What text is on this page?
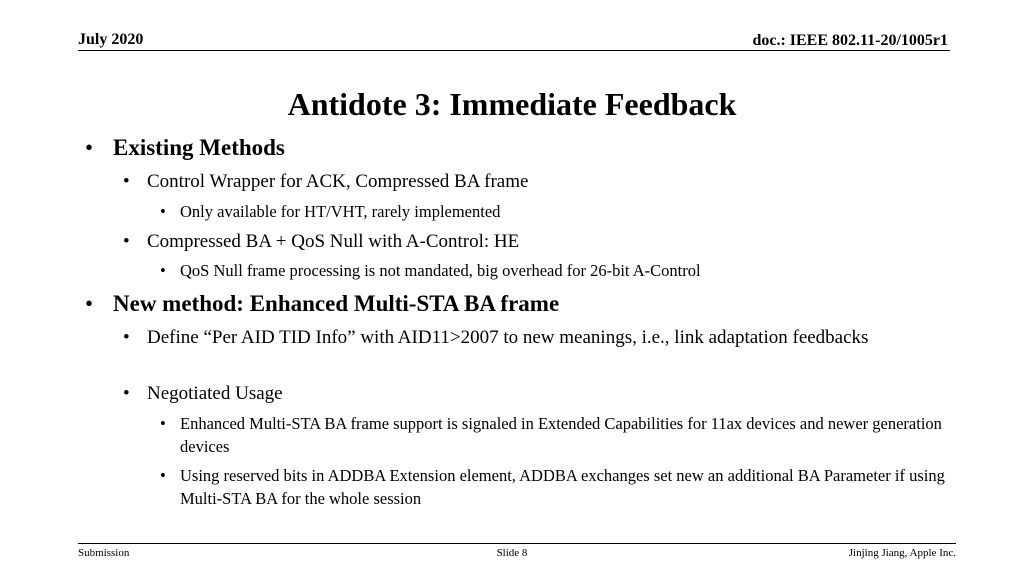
July 2020	doc.: IEEE 802.11-20/1005r1
Antidote 3: Immediate Feedback
• Existing Methods
• Control Wrapper for ACK, Compressed BA frame
• Only available for HT/VHT, rarely implemented
• Compressed BA + QoS Null with A-Control: HE
• QoS Null frame processing is not mandated, big overhead for 26-bit A-Control
• New method: Enhanced Multi-STA BA frame
• Define “Per AID TID Info” with AID11>2007 to new meanings, i.e., link adaptation feedbacks
• Negotiated Usage
• Enhanced Multi-STA BA frame support is signaled in Extended Capabilities for 11ax devices and newer generation devices
• Using reserved bits in ADDBA Extension element, ADDBA exchanges set new an additional BA Parameter if using Multi-STA BA for the whole session
Submission	Slide 8	Jinjing Jiang, Apple Inc.
